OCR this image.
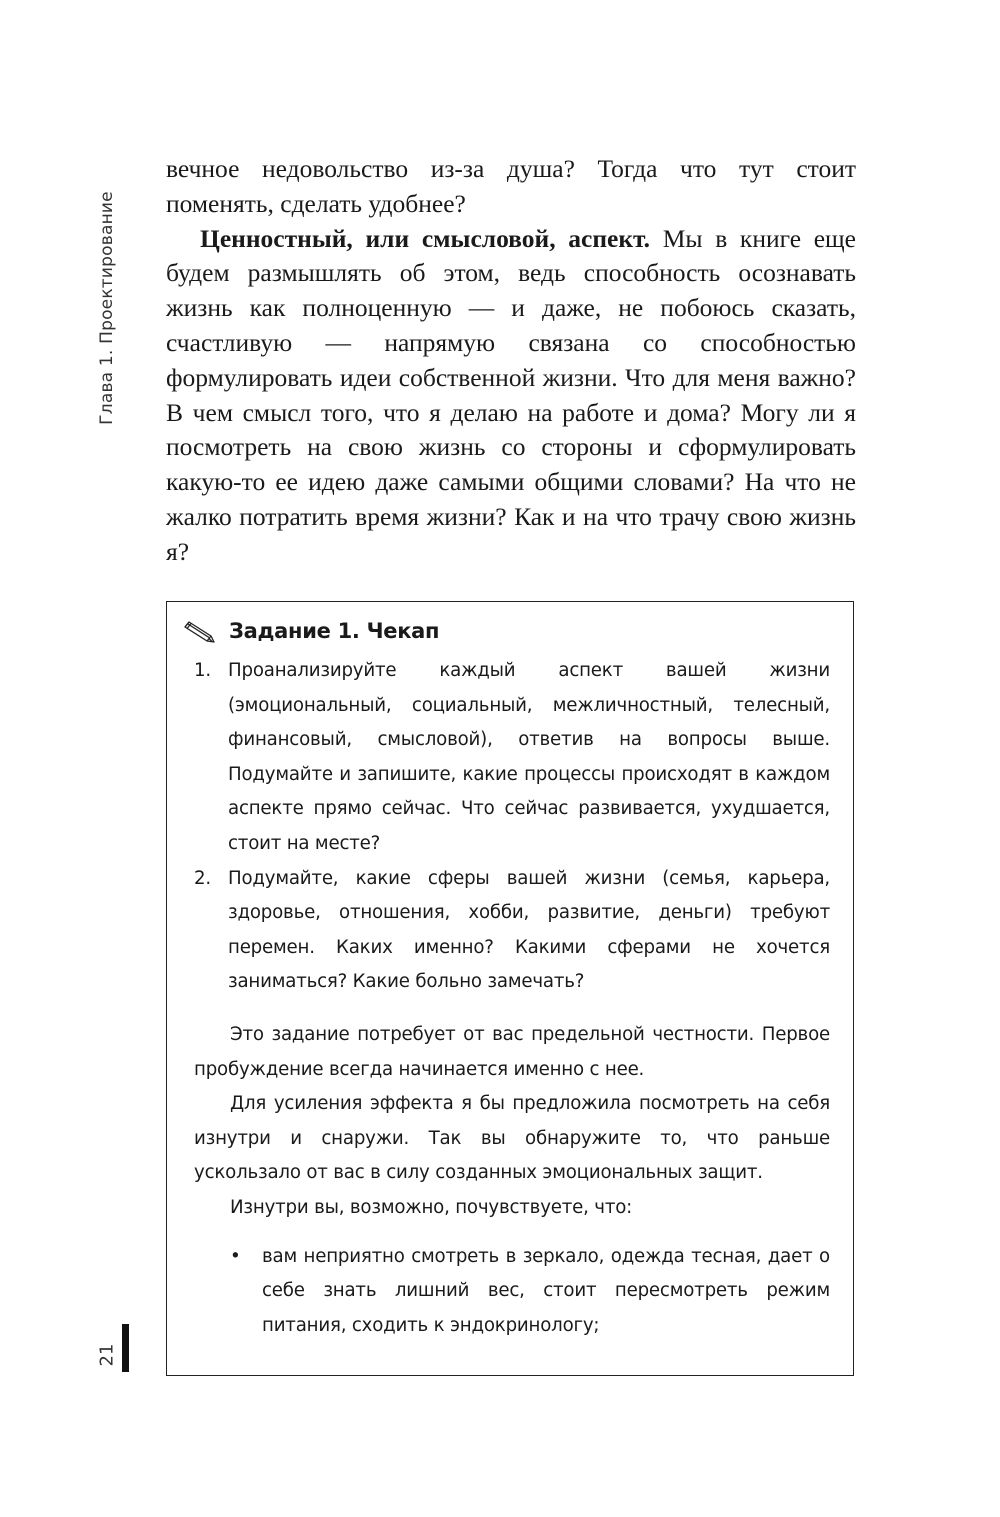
Глава 1. Проектирование
21

вечное недовольство из-за душа? Тогда что тут стоит поменять, сделать удобнее?

Ценностный, или смысловой, аспект. Мы в книге еще будем размышлять об этом, ведь способность осознавать жизнь как полноценную — и даже, не побоюсь сказать, счастливую — напрямую связана со способностью формулировать идеи собственной жизни. Что для меня важно? В чем смысл того, что я делаю на работе и дома? Могу ли я посмотреть на свою жизнь со стороны и сформулировать какую-то ее идею даже самыми общими словами? На что не жалко потратить время жизни? Как и на что трачу свою жизнь я?

Задание 1. Чекап
1. Проанализируйте каждый аспект вашей жизни (эмоциональный, социальный, межличностный, телесный, финансовый, смысловой), ответив на вопросы выше. Подумайте и запишите, какие процессы происходят в каждом аспекте прямо сейчас. Что сейчас развивается, ухудшается, стоит на месте?
2. Подумайте, какие сферы вашей жизни (семья, карьера, здоровье, отношения, хобби, развитие, деньги) требуют перемен. Каких именно? Какими сферами не хочется заниматься? Какие больно замечать?

Это задание потребует от вас предельной честности. Первое пробуждение всегда начинается именно с нее.

Для усиления эффекта я бы предложила посмотреть на себя изнутри и снаружи. Так вы обнаружите то, что раньше ускользало от вас в силу созданных эмоциональных защит.

Изнутри вы, возможно, почувствуете, что:

• вам неприятно смотреть в зеркало, одежда тесная, дает о себе знать лишний вес, стоит пересмотреть режим питания, сходить к эндокринологу;
